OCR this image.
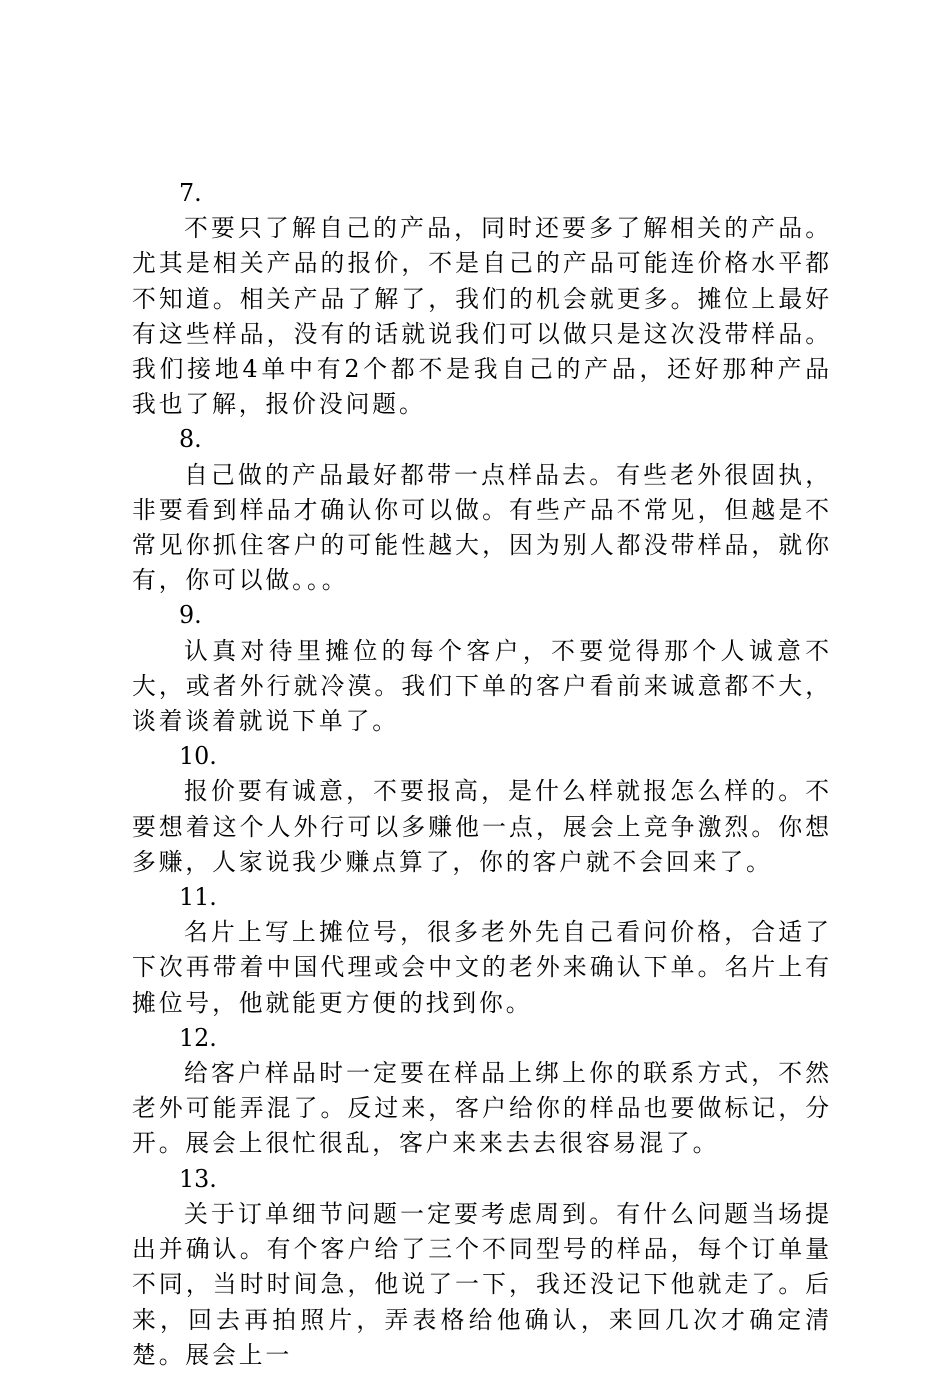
7.

不要只了解自己的产品，同时还要多了解相关的产品。尤其是相关产品的报价，不是自己的产品可能连价格水平都不知道。相关产品了解了，我们的机会就更多。摊位上最好有这些样品，没有的话就说我们可以做只是这次没带样品。我们接地4单中有2个都不是我自己的产品，还好那种产品我也了解，报价没问题。

8.

自己做的产品最好都带一点样品去。有些老外很固执，非要看到样品才确认你可以做。有些产品不常见，但越是不常见你抓住客户的可能性越大，因为别人都没带样品，就你有，你可以做。。。

9.

认真对待里摊位的每个客户，不要觉得那个人诚意不大，或者外行就冷漠。我们下单的客户看前来诚意都不大，谈着谈着就说下单了。

10.

报价要有诚意，不要报高，是什么样就报怎么样的。不要想着这个人外行可以多赚他一点，展会上竞争激烈。你想多赚，人家说我少赚点算了，你的客户就不会回来了。

11.

名片上写上摊位号，很多老外先自己看问价格，合适了下次再带着中国代理或会中文的老外来确认下单。名片上有摊位号，他就能更方便的找到你。

12.

给客户样品时一定要在样品上绑上你的联系方式，不然老外可能弄混了。反过来，客户给你的样品也要做标记，分开。展会上很忙很乱，客户来来去去很容易混了。

13.

关于订单细节问题一定要考虑周到。有什么问题当场提出并确认。有个客户给了三个不同型号的样品，每个订单量不同，当时时间急，他说了一下，我还没记下他就走了。后来，回去再拍照片，弄表格给他确认，来回几次才确定清楚。展会上一
